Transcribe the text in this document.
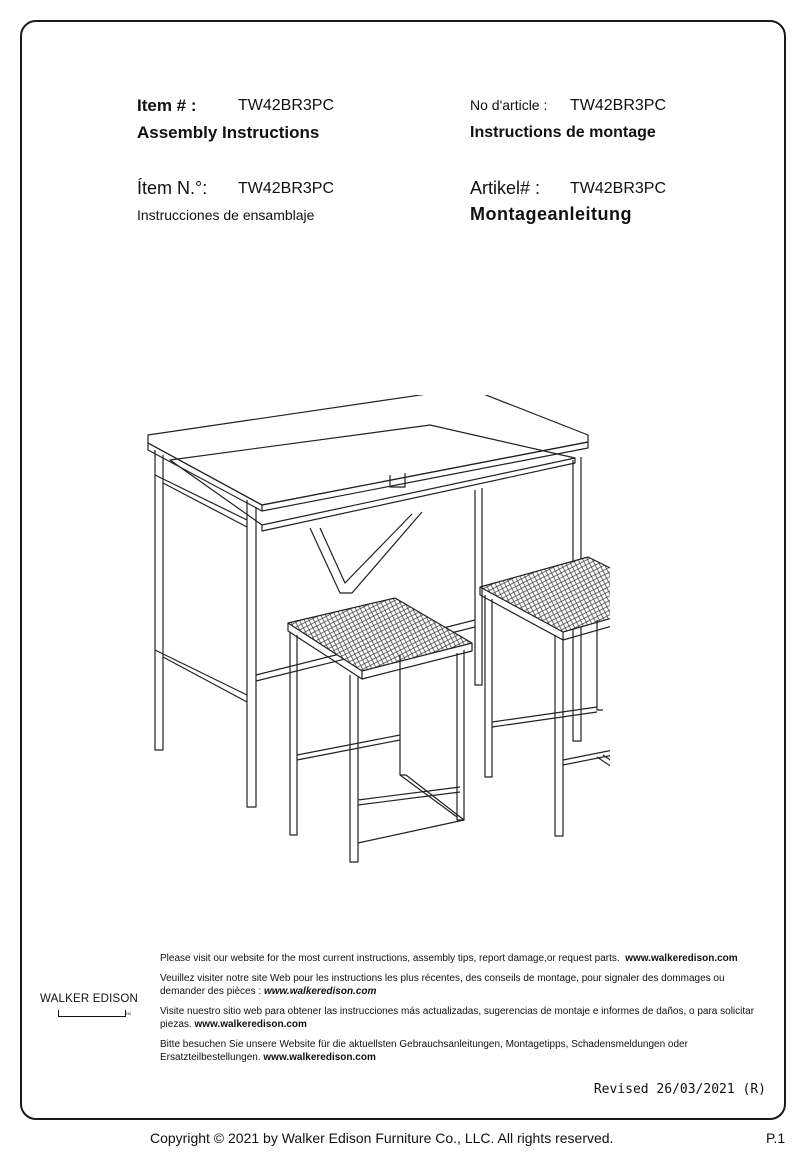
Item # :	TW42BR3PC
Assembly Instructions
No d'article : TW42BR3PC
Instructions de montage
Ítem N.°: TW42BR3PC
Instrucciones de ensamblaje
Artikel# : TW42BR3PC
Montageanleitung
Please visit our website for the most current instructions, assembly tips, report damage,or request parts. www.walkeredison.com
Veuillez visiter notre site Web pour les instructions les plus récentes, des conseils de montage, pour signaler des dommages ou demander des pièces : www.walkeredison.com
Visite nuestro sitio web para obtener las instrucciones más actualizadas, sugerencias de montaje e informes de daños, o para solicitar piezas. www.walkeredison.com
Bitte besuchen Sie unsere Website für die aktuellsten Gebrauchsanleitungen, Montagetipps, Schadensmeldungen oder Ersatzteilbestellungen. www.walkeredison.com
WALKER EDISON
TM
Revised 26/03/2021 (R)
Copyright © 2021 by Walker Edison Furniture Co., LLC. All rights reserved.	P.1
